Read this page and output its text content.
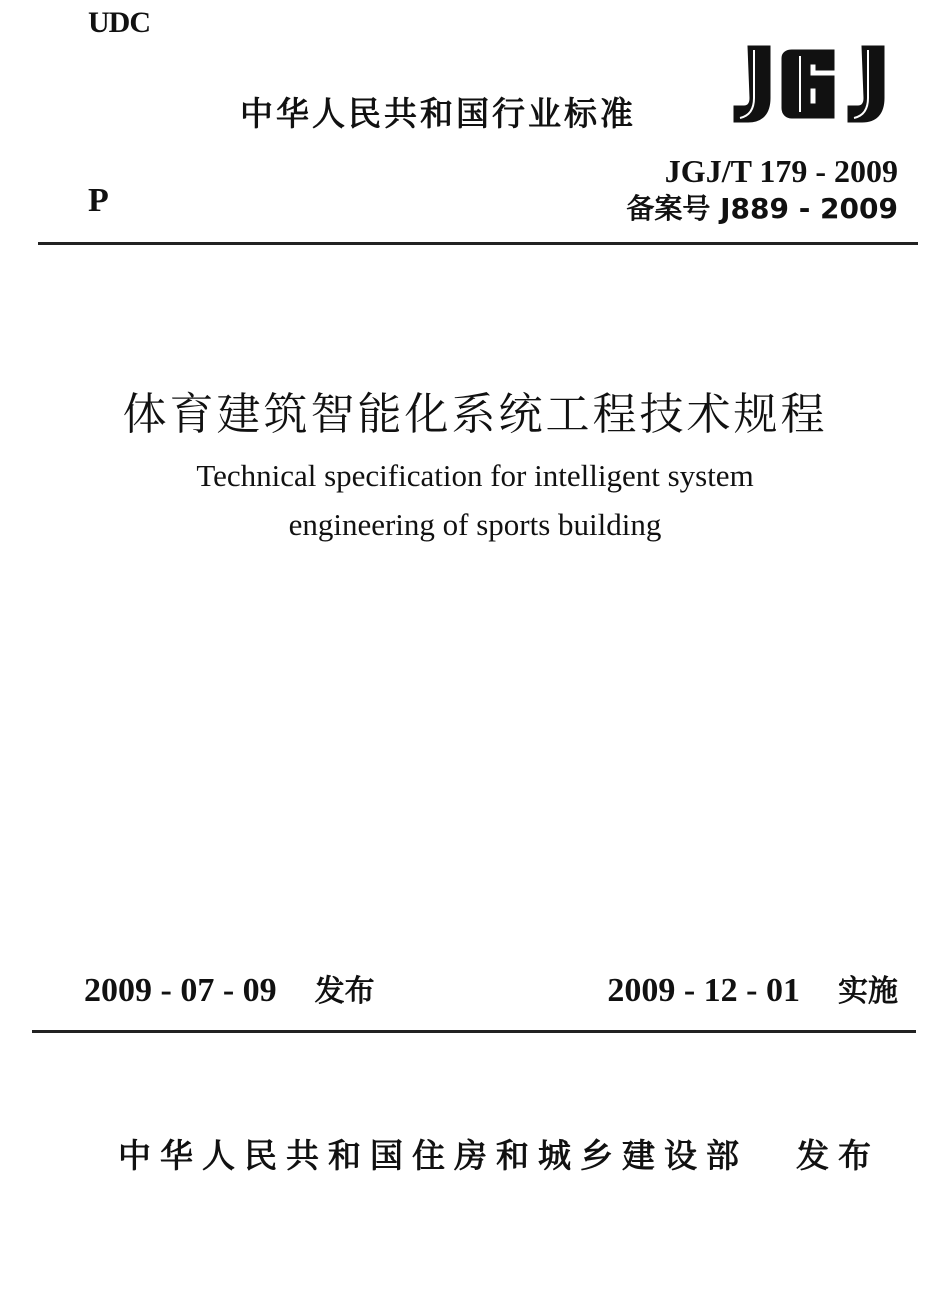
UDC
中华人民共和国行业标准
P
JGJ/T 179 - 2009
备案号 J889 - 2009
体育建筑智能化系统工程技术规程
Technical specification for intelligent system
engineering of sports building
2009 - 07 - 09 发布	2009 - 12 - 01 实施
中华人民共和国住房和城乡建设部 发布
